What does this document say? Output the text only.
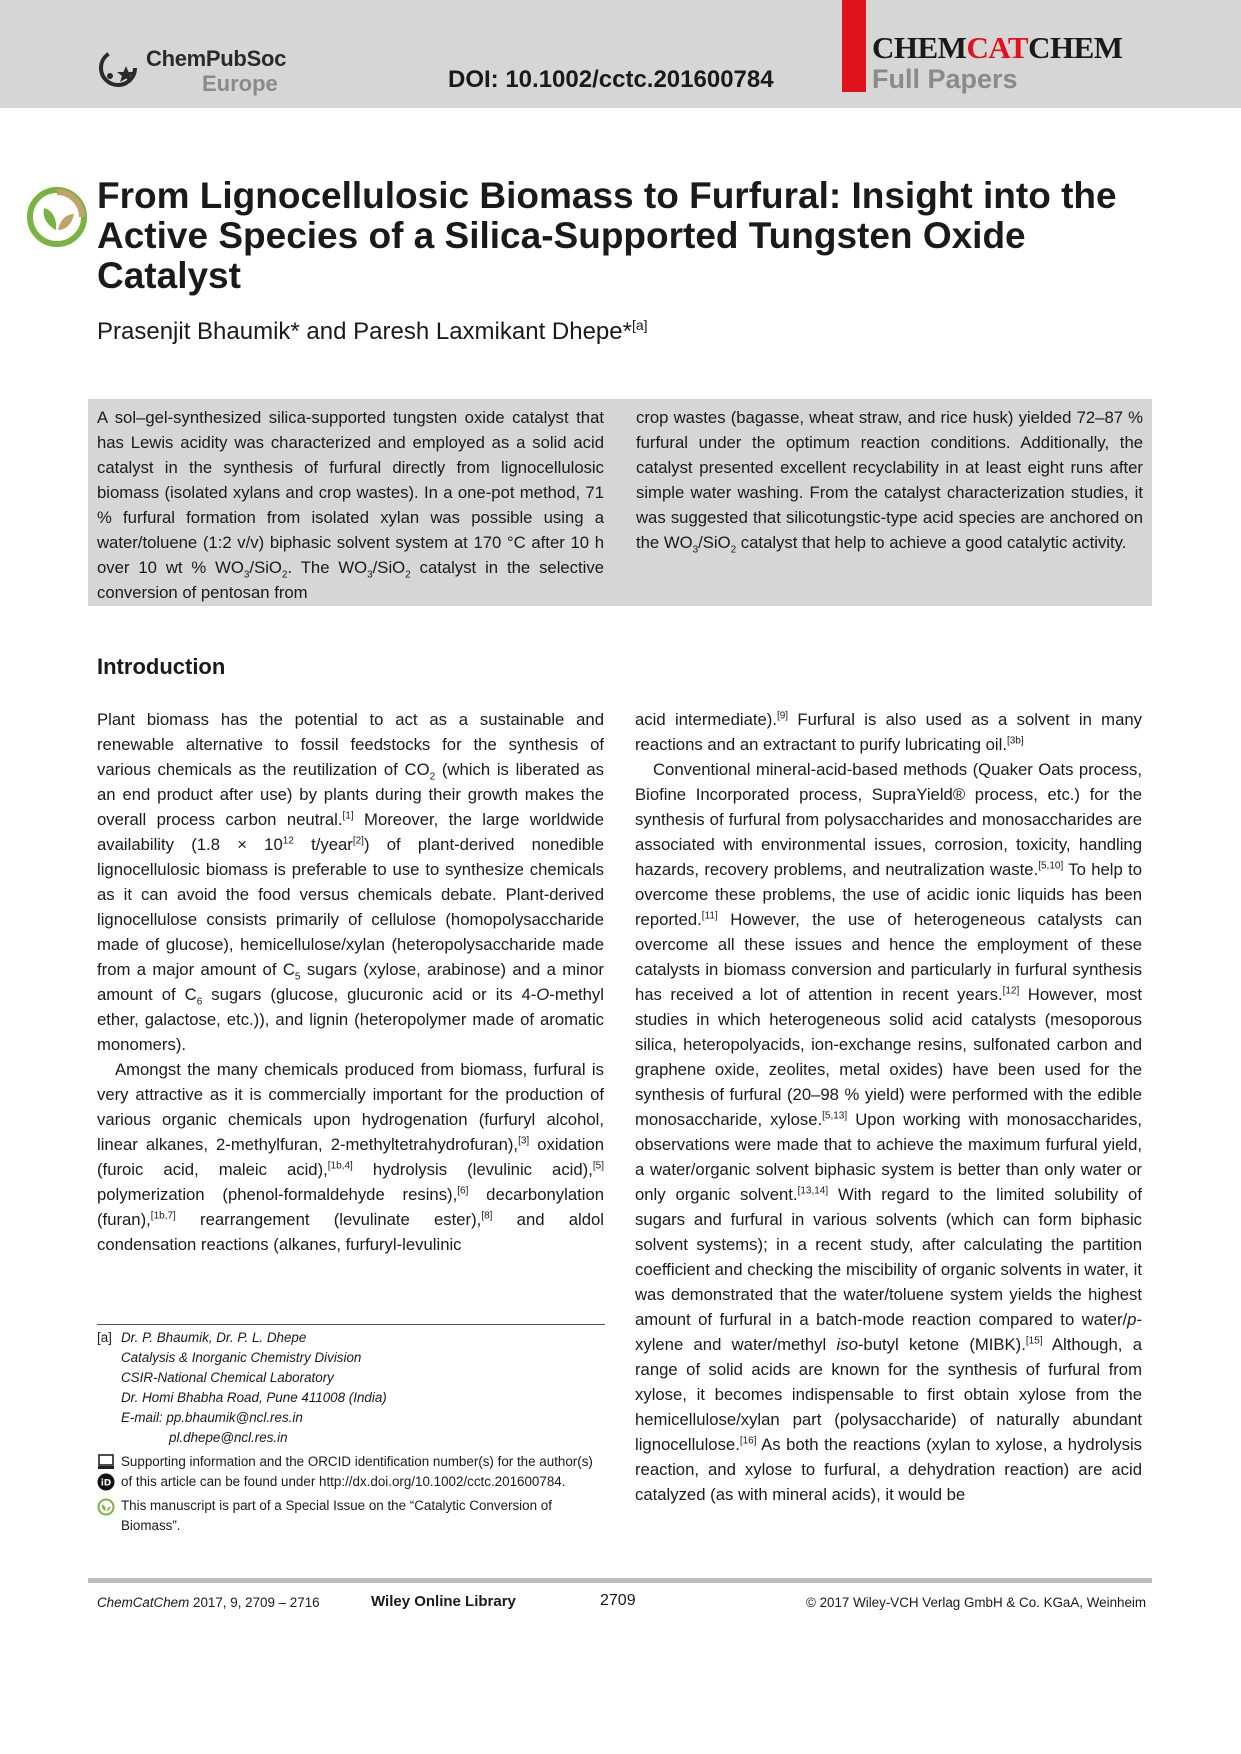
ChemPubSoc
Europe	DOI: 10.1002/cctc.201600784
CHEMCATCHEM
Full Papers
From Lignocellulosic Biomass to Furfural: Insight into the Active Species of a Silica-Supported Tungsten Oxide Catalyst
Prasenjit Bhaumik* and Paresh Laxmikant Dhepe*[a]
A sol–gel-synthesized silica-supported tungsten oxide catalyst that has Lewis acidity was characterized and employed as a solid acid catalyst in the synthesis of furfural directly from lignocellulosic biomass (isolated xylans and crop wastes). In a one-pot method, 71 % furfural formation from isolated xylan was possible using a water/toluene (1:2 v/v) biphasic solvent system at 170 °C after 10 h over 10 wt % $WO_3/SiO_2$. The $WO_3/SiO_2$ catalyst in the selective conversion of pentosan from
crop wastes (bagasse, wheat straw, and rice husk) yielded 72–87 % furfural under the optimum reaction conditions. Additionally, the catalyst presented excellent recyclability in at least eight runs after simple water washing. From the catalyst characterization studies, it was suggested that silicotungstic-type acid species are anchored on the $WO_3/SiO_2$ catalyst that help to achieve a good catalytic activity.
Introduction

Plant biomass has the potential to act as a sustainable and renewable alternative to fossil feedstocks for the synthesis of various chemicals as the reutilization of $CO_2$ (which is liberated as an end product after use) by plants during their growth makes the overall process carbon neutral.[1] Moreover, the large worldwide availability ($1.8 \times 10^{12}$ t/year[2]) of plant-derived nonedible lignocellulosic biomass is preferable to use to synthesize chemicals as it can avoid the food versus chemicals debate. Plant-derived lignocellulose consists primarily of cellulose (homopolysaccharide made of glucose), hemicellulose/xylan (heteropolysaccharide made from a major amount of $C_5$ sugars (xylose, arabinose) and a minor amount of $C_6$ sugars (glucose, glucuronic acid or its 4-O-methyl ether, galactose, etc.)), and lignin (heteropolymer made of aromatic monomers).

Amongst the many chemicals produced from biomass, furfural is very attractive as it is commercially important for the production of various organic chemicals upon hydrogenation (furfuryl alcohol, linear alkanes, 2-methylfuran, 2-methyltetrahydrofuran),[3] oxidation (furoic acid, maleic acid),[1b,4] hydrolysis (levulinic acid),[5] polymerization (phenol-formaldehyde resins),[6] decarbonylation (furan),[1b,7] rearrangement (levulinate ester),[8] and aldol condensation reactions (alkanes, furfuryl-levulinic

acid intermediate).[9] Furfural is also used as a solvent in many reactions and an extractant to purify lubricating oil.[3b]

Conventional mineral-acid-based methods (Quaker Oats process, Biofine Incorporated process, SupraYield® process, etc.) for the synthesis of furfural from polysaccharides and monosaccharides are associated with environmental issues, corrosion, toxicity, handling hazards, recovery problems, and neutralization waste.[5,10] To help to overcome these problems, the use of acidic ionic liquids has been reported.[11] However, the use of heterogeneous catalysts can overcome all these issues and hence the employment of these catalysts in biomass conversion and particularly in furfural synthesis has received a lot of attention in recent years.[12] However, most studies in which heterogeneous solid acid catalysts (mesoporous silica, heteropolyacids, ion-exchange resins, sulfonated carbon and graphene oxide, zeolites, metal oxides) have been used for the synthesis of furfural (20–98 % yield) were performed with the edible monosaccharide, xylose.[5,13] Upon working with monosaccharides, observations were made that to achieve the maximum furfural yield, a water/organic solvent biphasic system is better than only water or only organic solvent.[13,14] With regard to the limited solubility of sugars and furfural in various solvents (which can form biphasic solvent systems); in a recent study, after calculating the partition coefficient and checking the miscibility of organic solvents in water, it was demonstrated that the water/toluene system yields the highest amount of furfural in a batch-mode reaction compared to water/p-xylene and water/methyl iso-butyl ketone (MIBK).[15] Although, a range of solid acids are known for the synthesis of furfural from xylose, it becomes indispensable to first obtain xylose from the hemicellulose/xylan part (polysaccharide) of naturally abundant lignocellulose.[16] As both the reactions (xylan to xylose, a hydrolysis reaction, and xylose to furfural, a dehydration reaction) are acid catalyzed (as with mineral acids), it would be

[a] Dr. P. Bhaumik, Dr. P. L. Dhepe
Catalysis & Inorganic Chemistry Division
CSIR-National Chemical Laboratory
Dr. Homi Bhabha Road, Pune 411008 (India)
E-mail: pp.bhaumik@ncl.res.in
pl.dhepe@ncl.res.in
iD
Supporting information and the ORCID identification number(s) for the author(s) of this article can be found under http://dx.doi.org/10.1002/cctc.201600784.
This manuscript is part of a Special Issue on the “Catalytic Conversion of Biomass”.
ChemCatChem 2017, 9, 2709 – 2716	Wiley Online Library	2709	© 2017 Wiley-VCH Verlag GmbH & Co. KGaA, Weinheim
